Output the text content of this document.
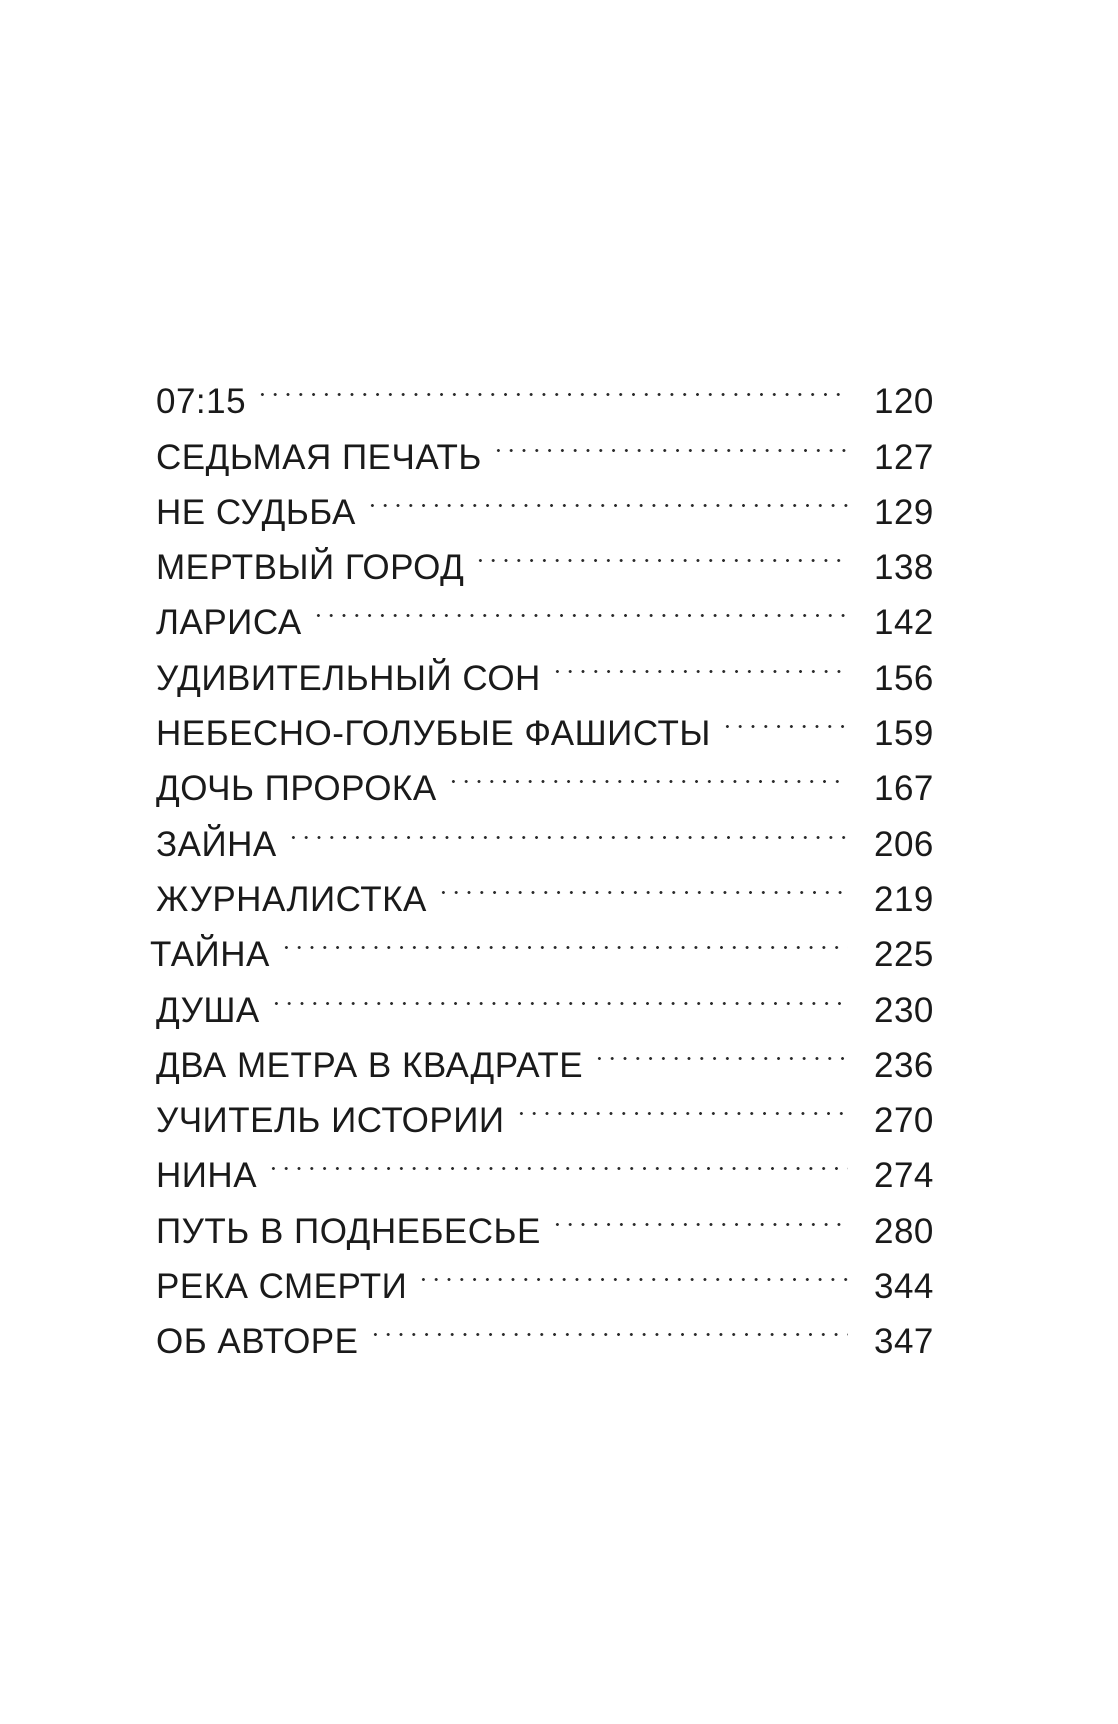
07:15	120
СЕДЬМАЯ ПЕЧАТЬ	127
НЕ СУДЬБА	129
МЕРТВЫЙ ГОРОД	138
ЛАРИСА	142
УДИВИТЕЛЬНЫЙ СОН	156
НЕБЕСНО-ГОЛУБЫЕ ФАШИСТЫ	159
ДОЧЬ ПРОРОКА	167
ЗАЙНА	206
ЖУРНАЛИСТКА	219
ТАЙНА	225
ДУША	230
ДВА МЕТРА В КВАДРАТЕ	236
УЧИТЕЛЬ ИСТОРИИ	270
НИНА	274
ПУТЬ В ПОДНЕБЕСЬЕ	280
РЕКА СМЕРТИ	344
ОБ АВТОРЕ	347
